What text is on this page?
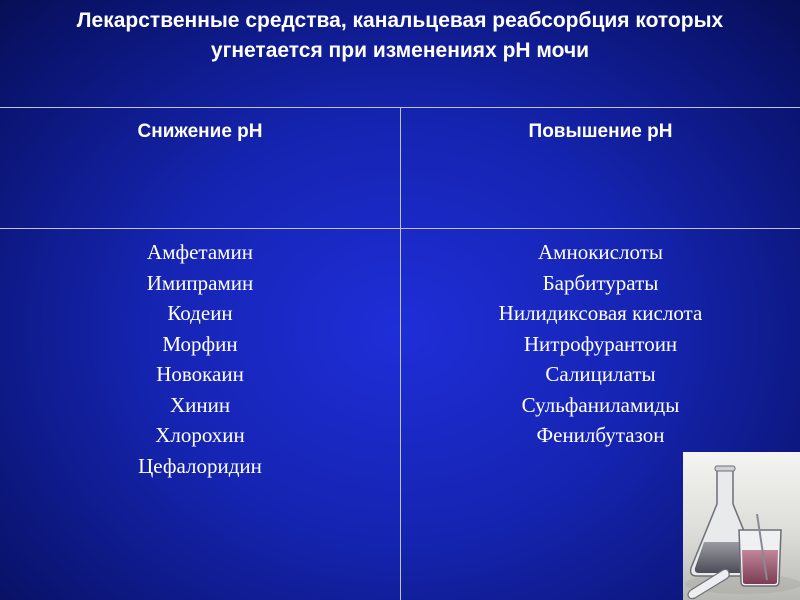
Лекарственные средства, канальцевая реабсорбция которых
угнетается при изменениях pH мочи
Снижение pH	Повышение pH
Амфетамин
Имипрамин
Кодеин
Морфин
Новокаин
Хинин
Хлорохин
Цефалоридин
Амнокислоты
Барбитураты
Нилидиксовая кислота
Нитрофурантоин
Салицилаты
Сульфаниламиды
Фенилбутазон
